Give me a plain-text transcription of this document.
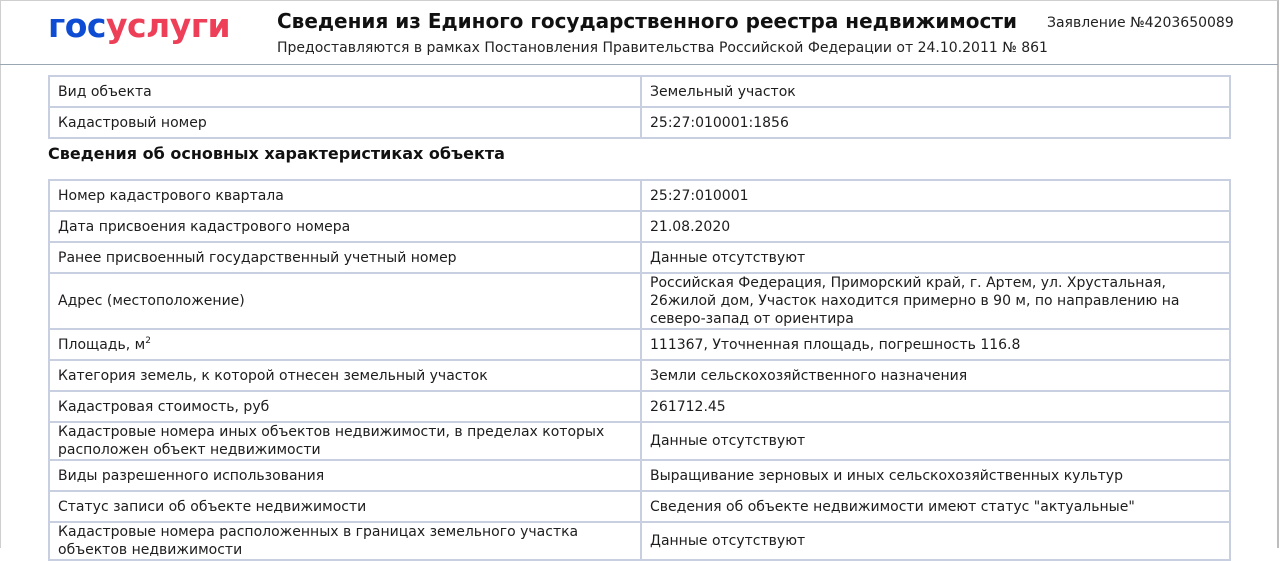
госуслуги Сведения из Единого государственного реестра недвижимости
Предоставляются в рамках Постановления Правительства Российской Федерации от 24.10.2011 № 861
Заявление №4203650089
Вид объекта	Земельный участок
Кадастровый номер	25:27:010001:1856
Сведения об основных характеристиках объекта
Номер кадастрового квартала	25:27:010001
Дата присвоения кадастрового номера	21.08.2020
Ранее присвоенный государственный учетный номер	Данные отсутствуют
Адрес (местоположение)	Российская Федерация, Приморский край, г. Артем, ул. Хрустальная, 26жилой дом, Участок находится примерно в 90 м, по направлению на северо-запад от ориентира
Площадь, $м^2$	111367, Уточненная площадь, погрешность 116.8
Категория земель, к которой отнесен земельный участок	Земли сельскохозяйственного назначения
Кадастровая стоимость, руб	261712.45
Кадастровые номера иных объектов недвижимости, в пределах которых расположен объект недвижимости	Данные отсутствуют
Виды разрешенного использования	Выращивание зерновых и иных сельскохозяйственных культур
Статус записи об объекте недвижимости	Сведения об объекте недвижимости имеют статус "актуальные"
Кадастровые номера расположенных в границах земельного участка объектов недвижимости	Данные отсутствуют
